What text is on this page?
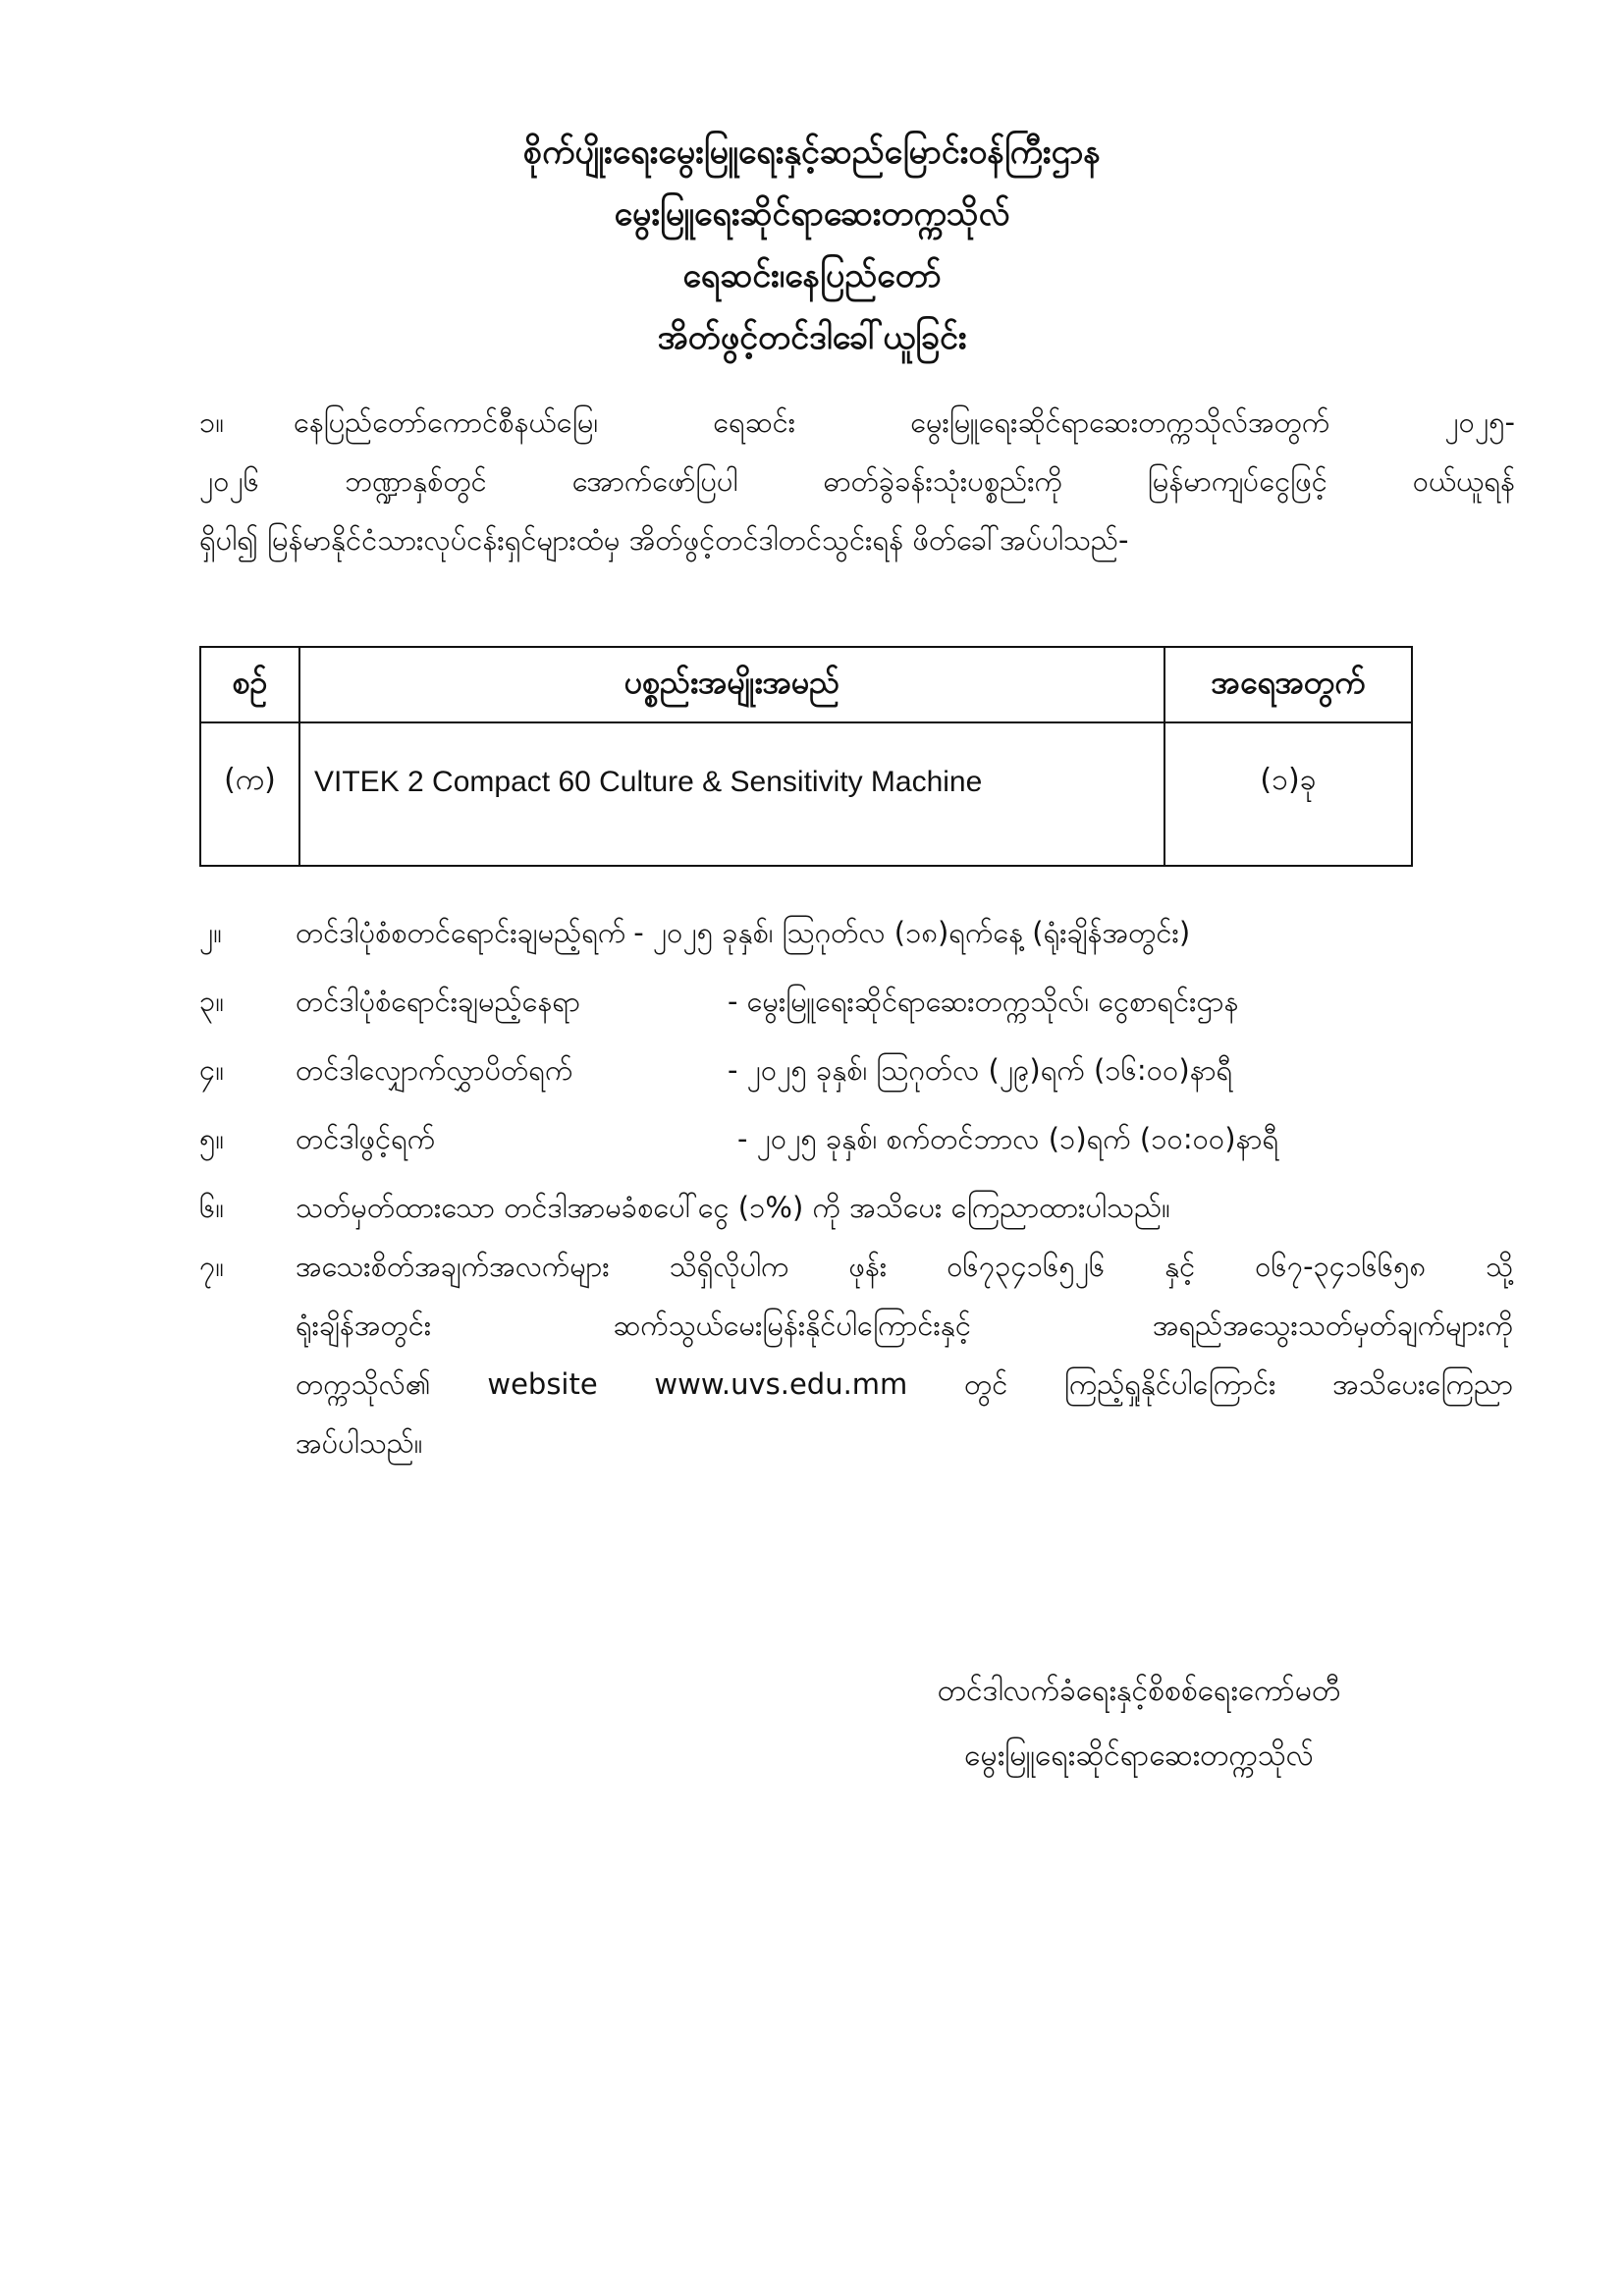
စိုက်ပျိုးရေးမွေးမြူရေးနှင့်ဆည်မြောင်းဝန်ကြီးဌာန
မွေးမြူရေးဆိုင်ရာဆေးတက္ကသိုလ်
ရေဆင်း၊နေပြည်တော်
အိတ်ဖွင့်တင်ဒါခေါ်ယူခြင်း
၁။ နေပြည်တော်ကောင်စီနယ်မြေ၊ ရေဆင်း မွေးမြူရေးဆိုင်ရာဆေးတက္ကသိုလ်အတွက် ၂၀၂၅-
၂၀၂၆ ဘဏ္ဍာနှစ်တွင် အောက်ဖော်ပြပါ ဓာတ်ခွဲခန်းသုံးပစ္စည်းကို မြန်မာကျပ်ငွေဖြင့် ဝယ်ယူရန်
ရှိပါ၍ မြန်မာနိုင်ငံသားလုပ်ငန်းရှင်များထံမှ အိတ်ဖွင့်တင်ဒါတင်သွင်းရန် ဖိတ်ခေါ်အပ်ပါသည်-
စဉ်	ပစ္စည်းအမျိုးအမည်	အရေအတွက်
(က)	VITEK 2 Compact 60 Culture & Sensitivity Machine	(၁)ခု
၂။	တင်ဒါပုံစံစတင်ရောင်းချမည့်ရက် - ၂၀၂၅ ခုနှစ်၊ ဩဂုတ်လ (၁၈)ရက်နေ့ (ရုံးချိန်အတွင်း)
၃။	တင်ဒါပုံစံရောင်းချမည့်နေရာ	- မွေးမြူရေးဆိုင်ရာဆေးတက္ကသိုလ်၊ ငွေစာရင်းဌာန
၄။	တင်ဒါလျှောက်လွှာပိတ်ရက်	- ၂၀၂၅ ခုနှစ်၊ ဩဂုတ်လ (၂၉)ရက် (၁၆:၀၀)နာရီ
၅။	တင်ဒါဖွင့်ရက်	- ၂၀၂၅ ခုနှစ်၊ စက်တင်ဘာလ (၁)ရက် (၁၀:၀၀)နာရီ
၆။	သတ်မှတ်ထားသော တင်ဒါအာမခံစပေါ်ငွေ (၁%) ကို အသိပေး ကြေညာထားပါသည်။
၇။	အသေးစိတ်အချက်အလက်များ သိရှိလိုပါက ဖုန်း ၀၆၇၃၄၁၆၅၂၆ နှင့် ၀၆၇-၃၄၁၆၆၅၈ သို့
ရုံးချိန်အတွင်း ဆက်သွယ်မေးမြန်းနိုင်ပါကြောင်းနှင့် အရည်အသွေးသတ်မှတ်ချက်များကို
တက္ကသိုလ်၏ website www.uvs.edu.mm တွင် ကြည့်ရှုနိုင်ပါကြောင်း အသိပေးကြေညာ
အပ်ပါသည်။
တင်ဒါလက်ခံရေးနှင့်စိစစ်ရေးကော်မတီ
မွေးမြူရေးဆိုင်ရာဆေးတက္ကသိုလ်
